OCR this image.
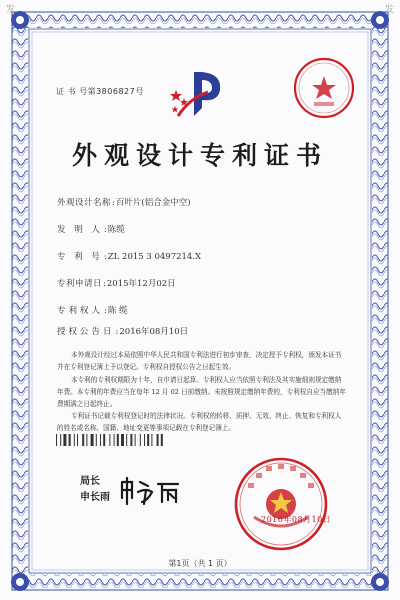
发	发
证 书 号第3806827号
外观设计专利证书
外观设计名称:百叶片(铝合金中空)
发 明 人:陈缆
专 利 号:ZL 2015 3 0497214.X
专利申请日:2015年12月02日
专利权人:陈 缆
授权公告日:2016年08月10日
本外观设计经过本局依照中华人民共和国专利法进行初步审查，决定授予专利权，颁发本证书并在专利登记簿上予以登记。专利权自授权公告之日起生效。
本专利的专利权期限为十年，自申请日起算。专利权人应当依照专利法及其实施细则规定缴纳年费。本专利的年费应当在每年 12 月 02 日前缴纳。未按照规定缴纳年费的，专利权自应当缴纳年费期满之日起终止。
专利证书记载专利权登记时的法律状况。专利权的转移、质押、无效、终止、恢复和专利权人的姓名或名称、国籍、地址变更等事项记载在专利登记簿上。
局长
申长雨
2016年08月10日
第1页（共 1 页）
